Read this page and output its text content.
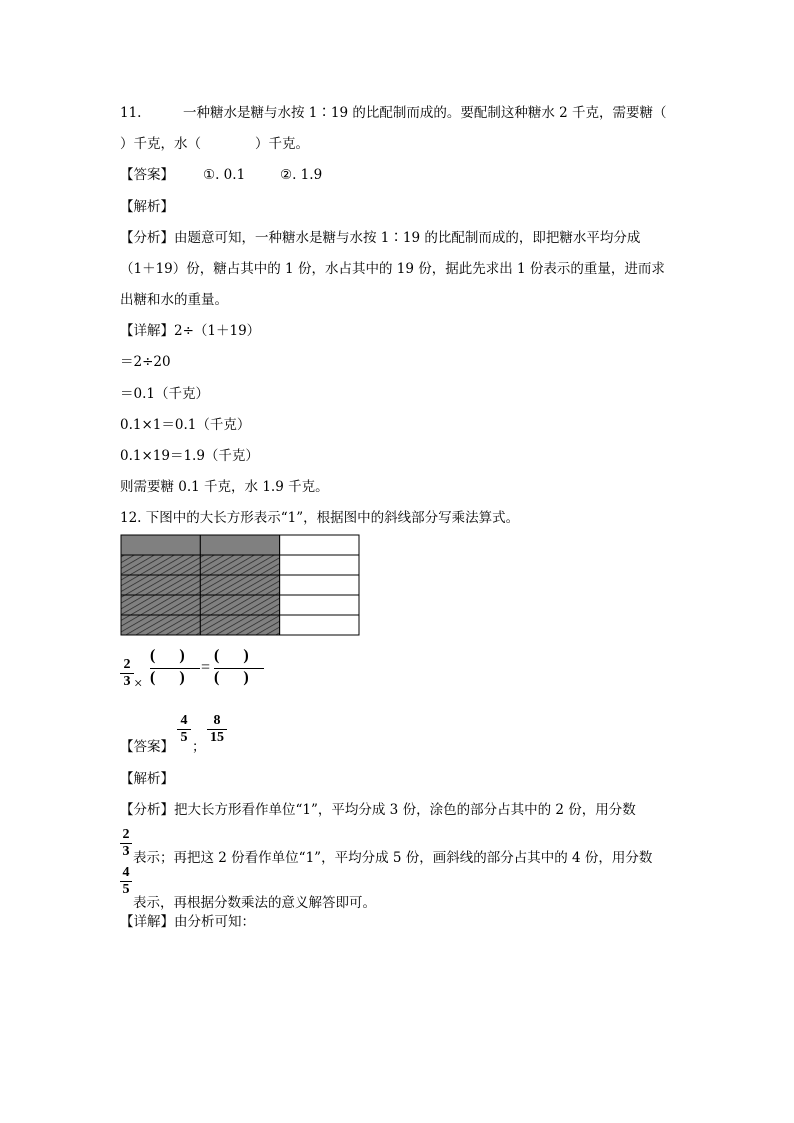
11.	一种糖水是糖与水按 1∶19 的比配制而成的。要配制这种糖水 2 千克，需要糖（
）千克，水（　　　　）千克。
【答案】 ①. 0.1	②. 1.9
【解析】
【分析】由题意可知，一种糖水是糖与水按 1∶19 的比配制而成的，即把糖水平均分成
（1＋19）份，糖占其中的 1 份，水占其中的 19 份，据此先求出 1 份表示的重量，进而求
出糖和水的重量。
【详解】2÷（1＋19）
＝2÷20
＝0.1（千克）
0.1×1＝0.1（千克）
0.1×19＝1.9（千克）
则需要糖 0.1 千克，水 1.9 千克。
12. 下图中的大长方形表示“1”，根据图中的斜线部分写乘法算式。
2
3 ×
(      )
(      )
=
(      )
(      )
【答案】
4
5
；
8
15
【解析】
【分析】把大长方形看作单位“1”，平均分成 3 份，涂色的部分占其中的 2 份，用分数
2
3 表示；再把这 2 份看作单位“1”，平均分成 5 份，画斜线的部分占其中的 4 份，用分数
4
5
表示，再根据分数乘法的意义解答即可。
【详解】由分析可知：
